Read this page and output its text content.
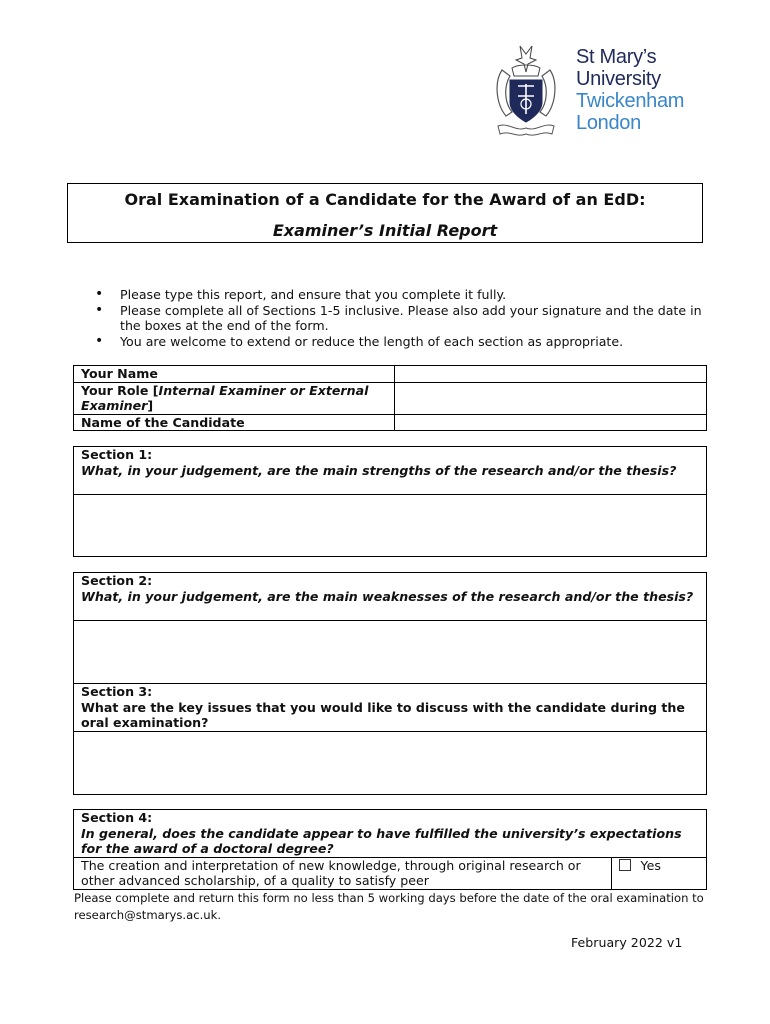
St Mary’s
University
Twickenham
London
Oral Examination of a Candidate for the Award of an EdD:
Examiner’s Initial Report
• Please type this report, and ensure that you complete it fully.
• Please complete all of Sections 1-5 inclusive. Please also add your signature and the date in the boxes at the end of the form.
• You are welcome to extend or reduce the length of each section as appropriate.
Your Name	
Your Role [Internal Examiner or External Examiner]	
Name of the Candidate	
Section 1:
What, in your judgement, are the main strengths of the research and/or the thesis?

Section 2:
What, in your judgement, are the main weaknesses of the research and/or the thesis?

Section 3:
What are the key issues that you would like to discuss with the candidate during the oral examination?

Section 4:
In general, does the candidate appear to have fulfilled the university’s expectations for the award of a doctoral degree?

The creation and interpretation of new knowledge, through original research or other advanced scholarship, of a quality to satisfy peer	Yes
Please complete and return this form no less than 5 working days before the date of the oral examination to research@stmarys.ac.uk.
February 2022 v1
